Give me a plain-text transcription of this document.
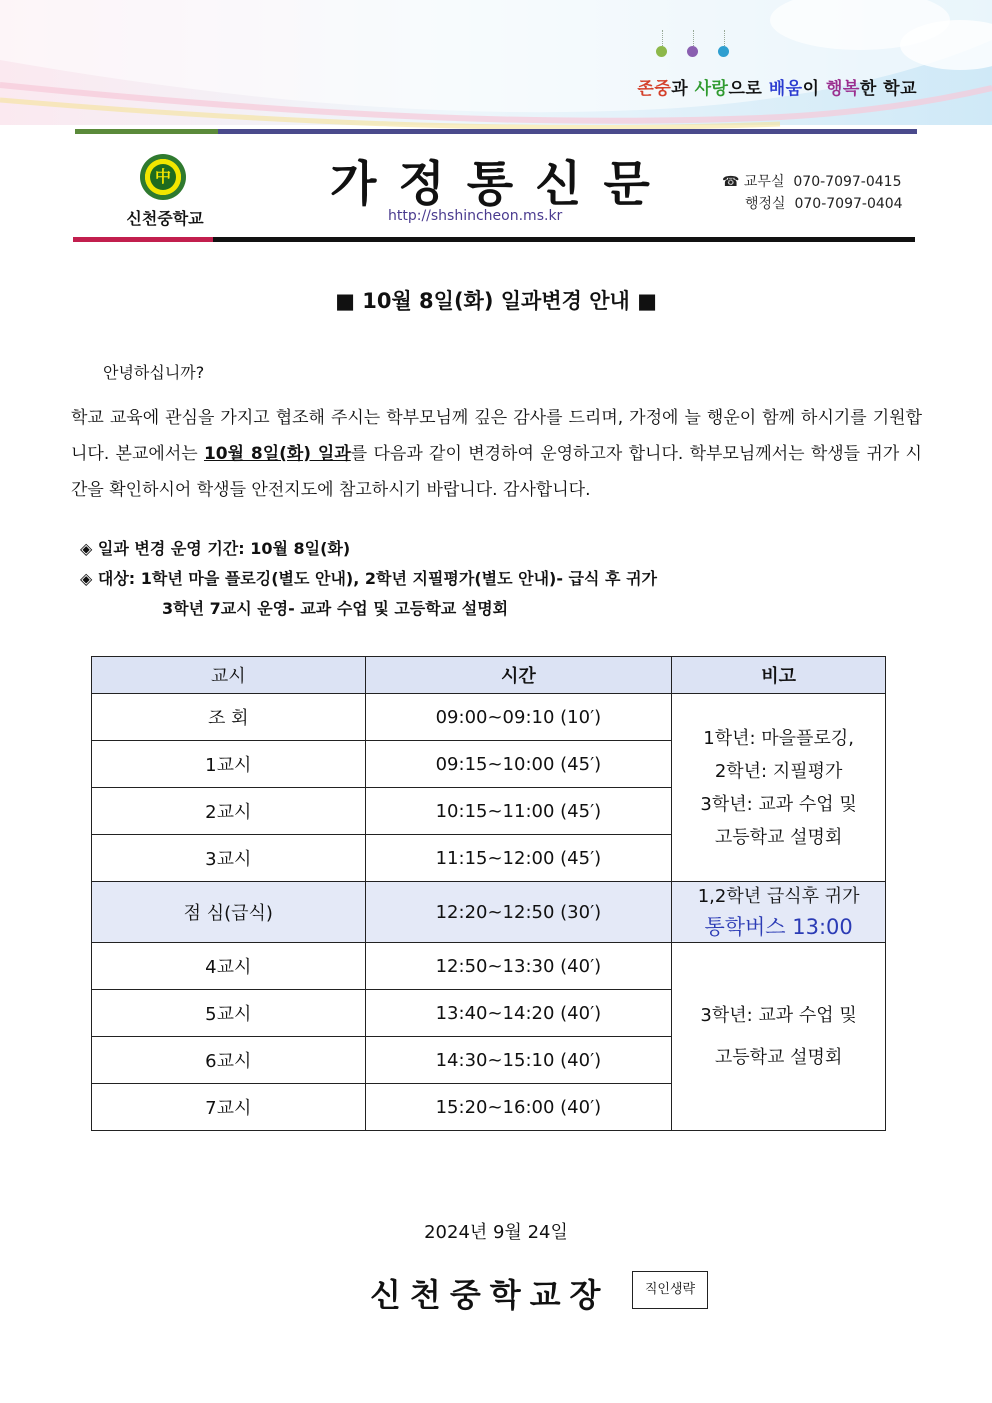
존중과 사랑으로 배움이 행복한 학교
中
신천중학교
가정통신문
http://shshincheon.ms.kr
☎ 교무실 070-7097-0415
행정실 070-7097-0404
■ 10월 8일(화) 일과변경 안내 ■
안녕하십니까?
학교 교육에 관심을 가지고 협조해 주시는 학부모님께 깊은 감사를 드리며, 가정에 늘 행운이 함께 하시기를 기원합니다. 본교에서는 10월 8일(화) 일과를 다음과 같이 변경하여 운영하고자 합니다. 학부모님께서는 학생들 귀가 시간을 확인하시어 학생들 안전지도에 참고하시기 바랍니다. 감사합니다.
◈ 일과 변경 운영 기간: 10월 8일(화)
◈ 대상: 1학년 마을 플로깅(별도 안내), 2학년 지필평가(별도 안내)- 급식 후 귀가
3학년 7교시 운영- 교과 수업 및 고등학교 설명회
교시	시간	비고
조 회	09:00~09:10 (10′)	1학년: 마을플로깅,
2학년: 지필평가
3학년: 교과 수업 및
고등학교 설명회

1교시	09:15~10:00 (45′)	
2교시	10:15~11:00 (45′)	
3교시	11:15~12:00 (45′)	
점 심(급식)	12:20~12:50 (30′)	1,2학년 급식후 귀가
통학버스 13:00

4교시	12:50~13:30 (40′)	3학년: 교과 수업 및
고등학교 설명회

5교시	13:40~14:20 (40′)	
6교시	14:30~15:10 (40′)	
7교시	15:20~16:00 (40′)	
2024년 9월 24일
신천중학교장	직인생략
